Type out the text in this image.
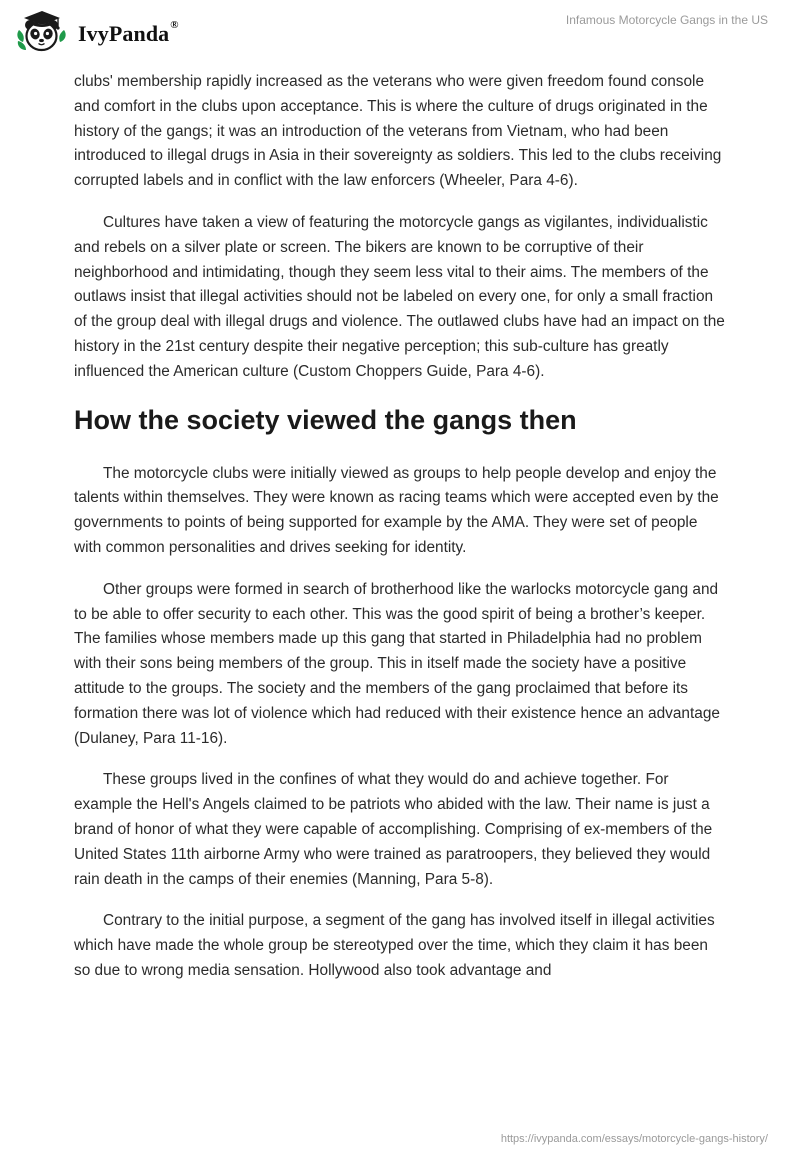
IvyPanda®	Infamous Motorcycle Gangs in the US

clubs' membership rapidly increased as the veterans who were given freedom found console and comfort in the clubs upon acceptance. This is where the culture of drugs originated in the history of the gangs; it was an introduction of the veterans from Vietnam, who had been introduced to illegal drugs in Asia in their sovereignty as soldiers. This led to the clubs receiving corrupted labels and in conflict with the law enforcers (Wheeler, Para 4-6).

Cultures have taken a view of featuring the motorcycle gangs as vigilantes, individualistic and rebels on a silver plate or screen. The bikers are known to be corruptive of their neighborhood and intimidating, though they seem less vital to their aims. The members of the outlaws insist that illegal activities should not be labeled on every one, for only a small fraction of the group deal with illegal drugs and violence. The outlawed clubs have had an impact on the history in the 21st century despite their negative perception; this sub-culture has greatly influenced the American culture (Custom Choppers Guide, Para 4-6).

How the society viewed the gangs then

The motorcycle clubs were initially viewed as groups to help people develop and enjoy the talents within themselves. They were known as racing teams which were accepted even by the governments to points of being supported for example by the AMA. They were set of people with common personalities and drives seeking for identity.

Other groups were formed in search of brotherhood like the warlocks motorcycle gang and to be able to offer security to each other. This was the good spirit of being a brother’s keeper. The families whose members made up this gang that started in Philadelphia had no problem with their sons being members of the group. This in itself made the society have a positive attitude to the groups. The society and the members of the gang proclaimed that before its formation there was lot of violence which had reduced with their existence hence an advantage (Dulaney, Para 11-16).

These groups lived in the confines of what they would do and achieve together. For example the Hell's Angels claimed to be patriots who abided with the law. Their name is just a brand of honor of what they were capable of accomplishing. Comprising of ex-members of the United States 11th airborne Army who were trained as paratroopers, they believed they would rain death in the camps of their enemies (Manning, Para 5-8).

Contrary to the initial purpose, a segment of the gang has involved itself in illegal activities which have made the whole group be stereotyped over the time, which they claim it has been so due to wrong media sensation. Hollywood also took advantage and

https://ivypanda.com/essays/motorcycle-gangs-history/
